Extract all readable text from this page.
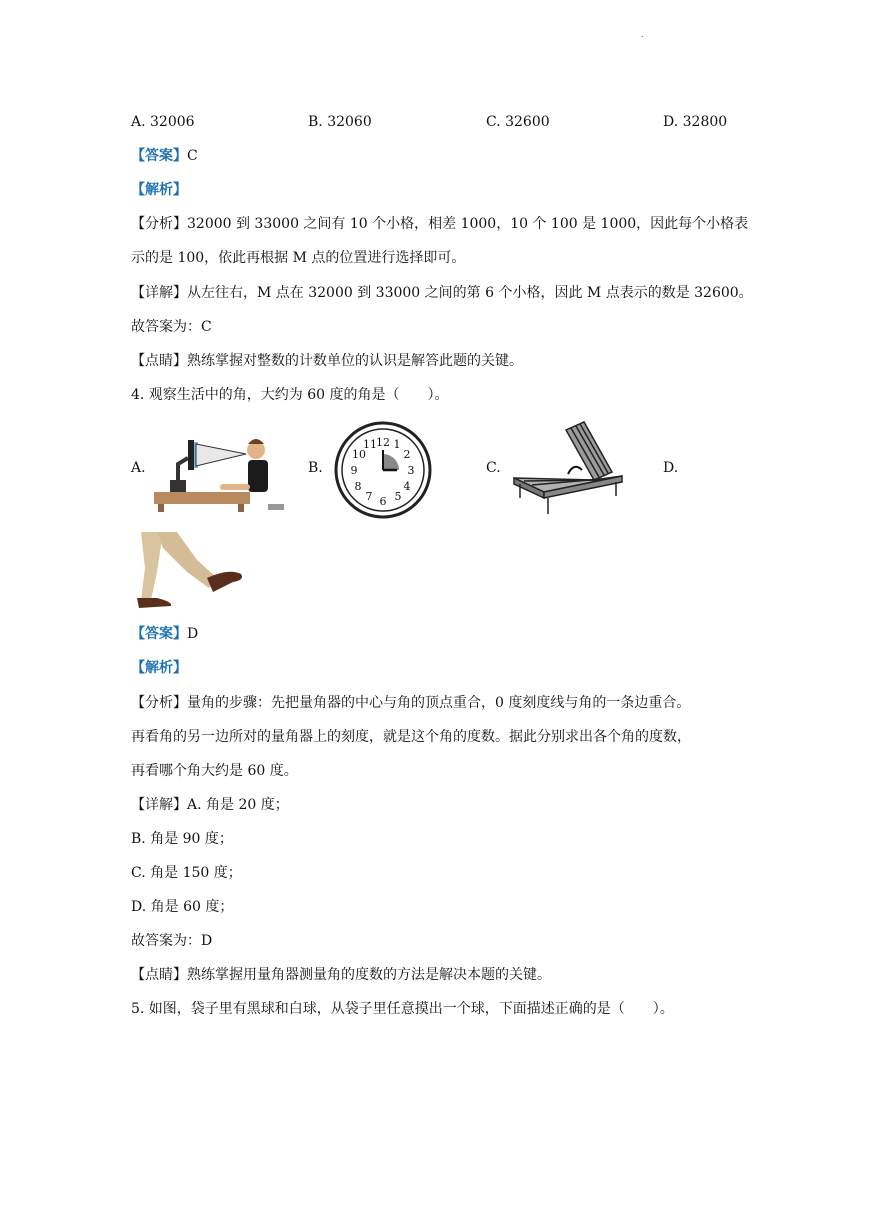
.
A. 32006	B. 32060	C. 32600	D. 32800
【答案】C
【解析】
【分析】32000 到 33000 之间有 10 个小格，相差 1000，10 个 100 是 1000，因此每个小格表
示的是 100，依此再根据 M 点的位置进行选择即可。
【详解】从左往右，M 点在 32000 到 33000 之间的第 6 个小格，因此 M 点表示的数是 32600。
故答案为：C
【点睛】熟练掌握对整数的计数单位的认识是解答此题的关键。
4. 观察生活中的角，大约为 60 度的角是（　　）。
A.	B.	C.	D.
12 1
2
3
4
5
6
7
8
9
10
11
【答案】D
【解析】
【分析】量角的步骤：先把量角器的中心与角的顶点重合，0 度刻度线与角的一条边重合。
再看角的另一边所对的量角器上的刻度，就是这个角的度数。据此分别求出各个角的度数，
再看哪个角大约是 60 度。
【详解】A. 角是 20 度；
B. 角是 90 度；
C. 角是 150 度；
D. 角是 60 度；
故答案为：D
【点睛】熟练掌握用量角器测量角的度数的方法是解决本题的关键。
5. 如图，袋子里有黑球和白球，从袋子里任意摸出一个球，下面描述正确的是（　　）。
